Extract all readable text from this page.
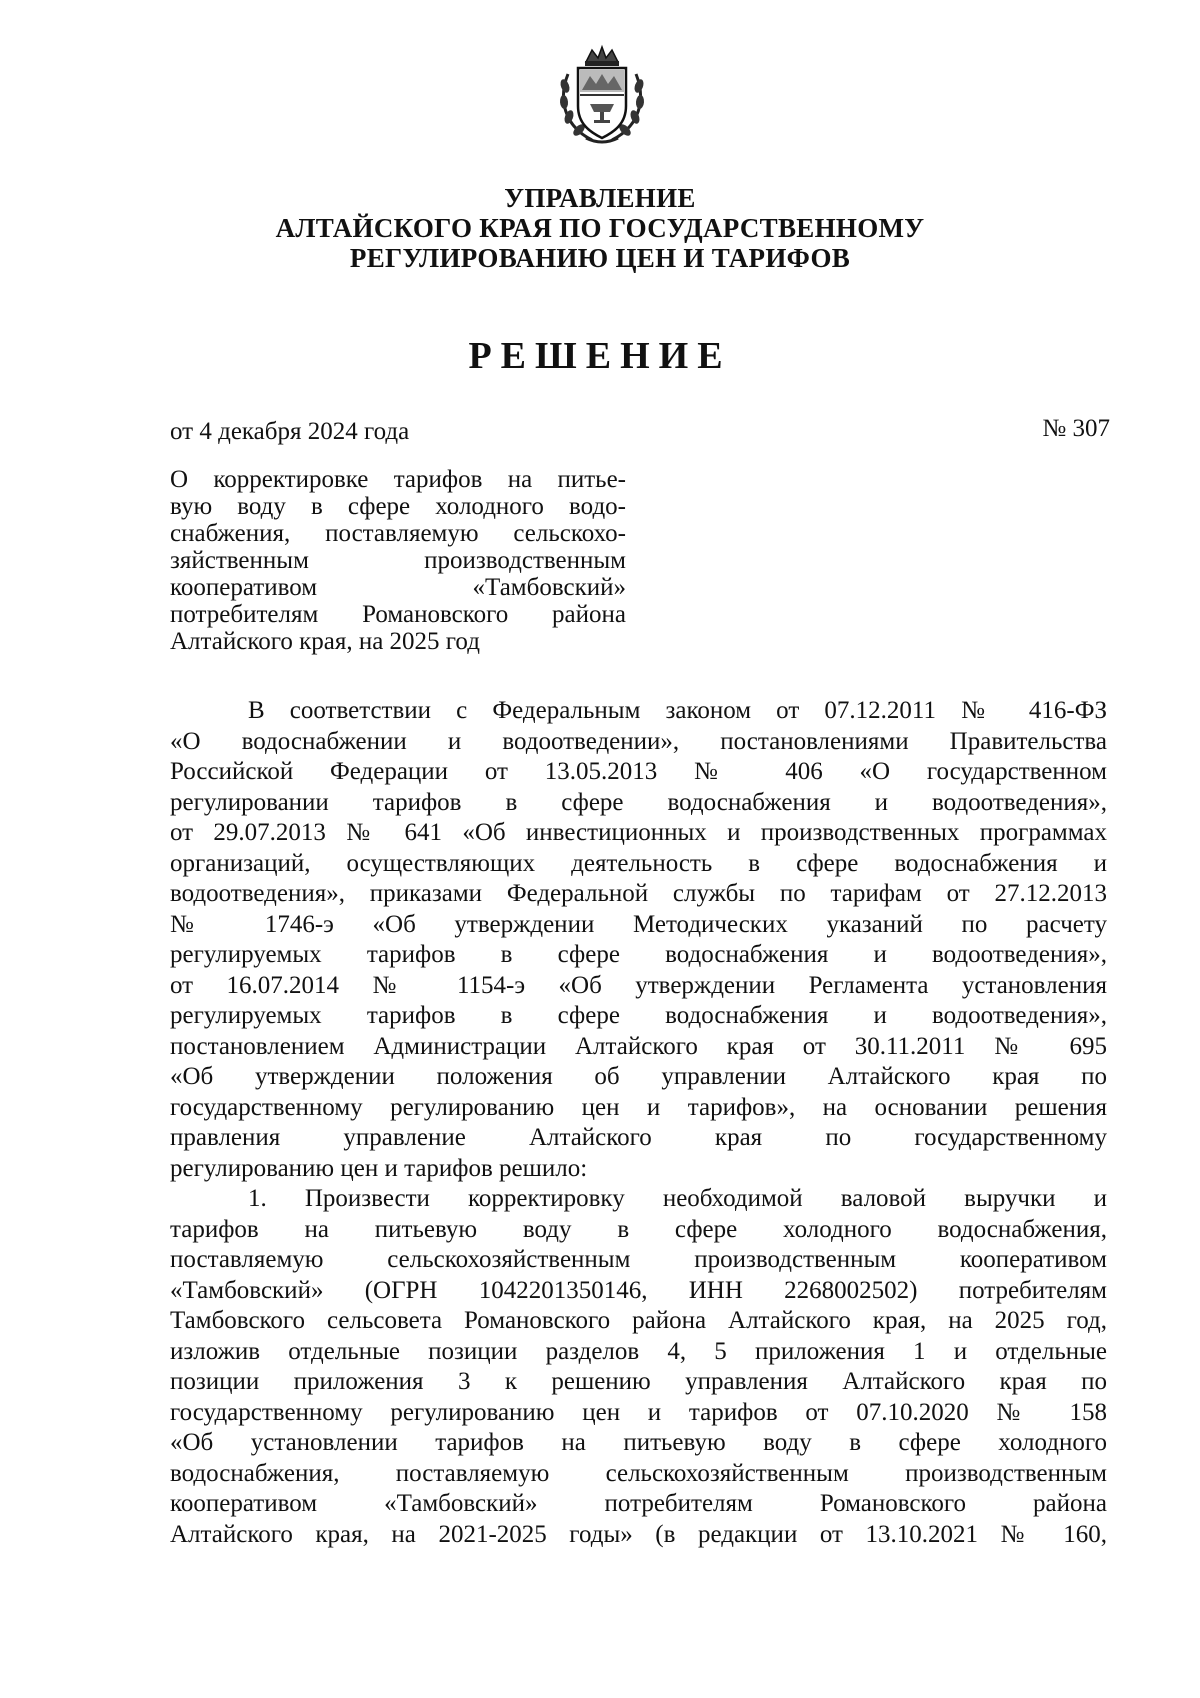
УПРАВЛЕНИЕ
АЛТАЙСКОГО КРАЯ ПО ГОСУДАРСТВЕННОМУ
РЕГУЛИРОВАНИЮ ЦЕН И ТАРИФОВ
РЕШЕНИЕ
от 4 декабря 2024 года	№ 307
О корректировке тарифов на питье-
вую воду в сфере холодного водо-
снабжения, поставляемую сельскохо-
зяйственным производственным
кооперативом «Тамбовский»
потребителям Романовского района
Алтайского края, на 2025 год
В соответствии с Федеральным законом от 07.12.2011 № 416-ФЗ
«О водоснабжении и водоотведении», постановлениями Правительства
Российской Федерации от 13.05.2013 № 406 «О государственном
регулировании тарифов в сфере водоснабжения и водоотведения»,
от 29.07.2013 № 641 «Об инвестиционных и производственных программах
организаций, осуществляющих деятельность в сфере водоснабжения и
водоотведения», приказами Федеральной службы по тарифам от 27.12.2013
№ 1746-э «Об утверждении Методических указаний по расчету
регулируемых тарифов в сфере водоснабжения и водоотведения»,
от 16.07.2014 № 1154-э «Об утверждении Регламента установления
регулируемых тарифов в сфере водоснабжения и водоотведения»,
постановлением Администрации Алтайского края от 30.11.2011 № 695
«Об утверждении положения об управлении Алтайского края по
государственному регулированию цен и тарифов», на основании решения
правления управление Алтайского края по государственному
регулированию цен и тарифов решило:
1. Произвести корректировку необходимой валовой выручки и
тарифов на питьевую воду в сфере холодного водоснабжения,
поставляемую сельскохозяйственным производственным кооперативом
«Тамбовский» (ОГРН 1042201350146, ИНН 2268002502) потребителям
Тамбовского сельсовета Романовского района Алтайского края, на 2025 год,
изложив отдельные позиции разделов 4, 5 приложения 1 и отдельные
позиции приложения 3 к решению управления Алтайского края по
государственному регулированию цен и тарифов от 07.10.2020 № 158
«Об установлении тарифов на питьевую воду в сфере холодного
водоснабжения, поставляемую сельскохозяйственным производственным
кооперативом «Тамбовский» потребителям Романовского района
Алтайского края, на 2021-2025 годы» (в редакции от 13.10.2021 № 160,
